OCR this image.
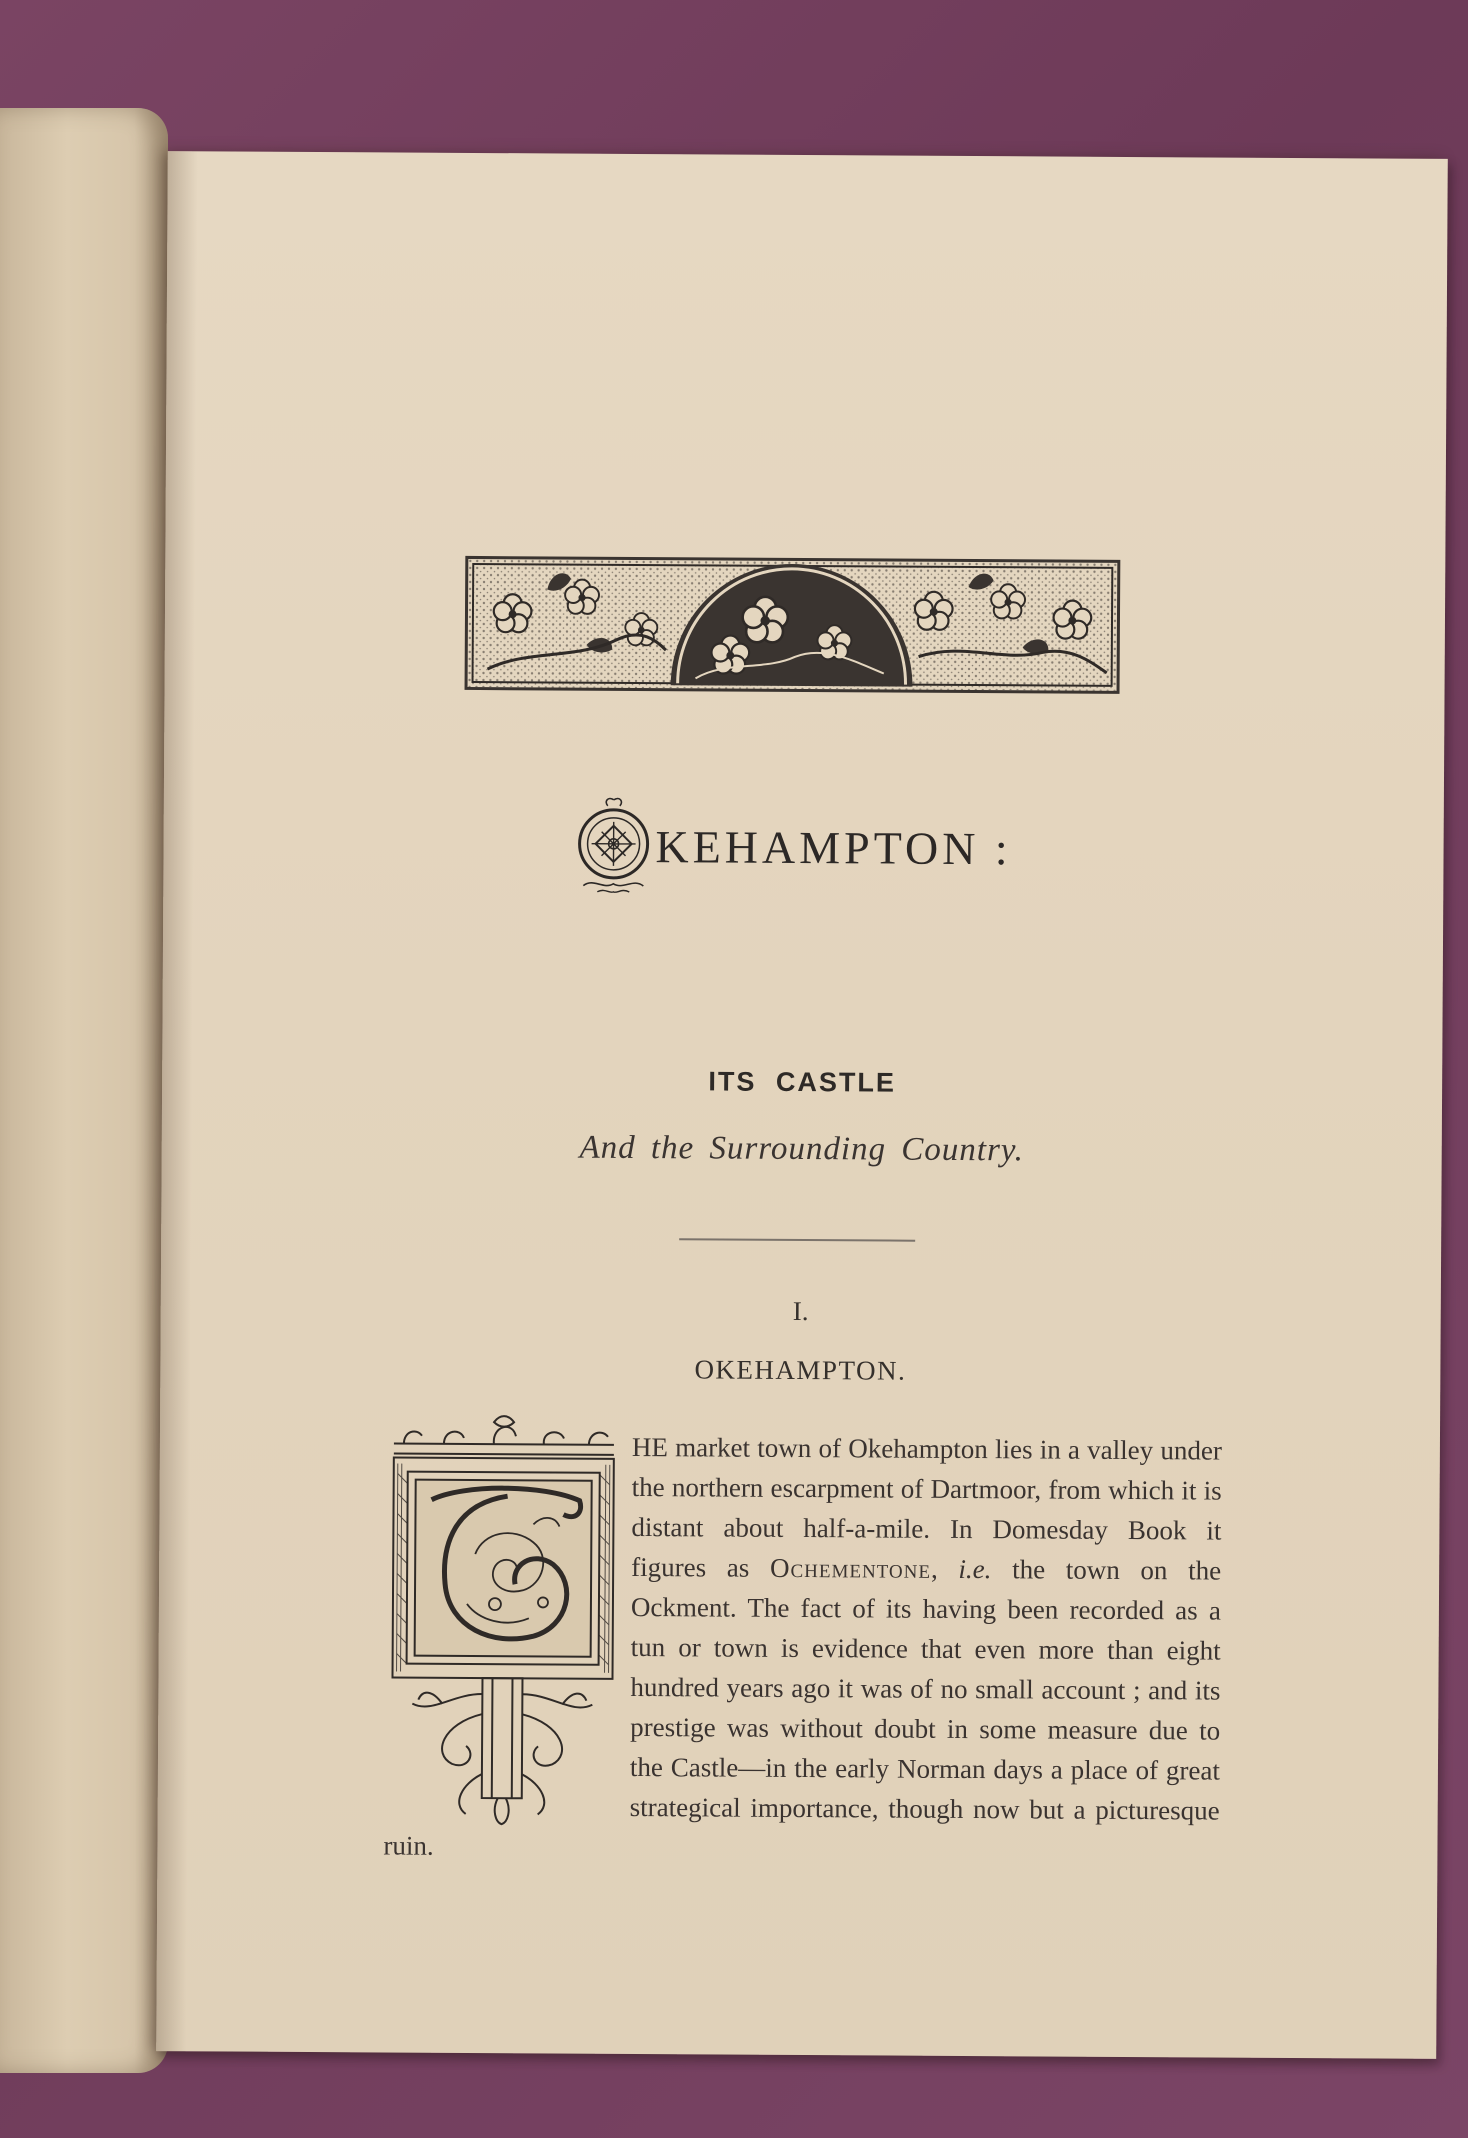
KEHAMPTON :
ITS CASTLE
And the Surrounding Country.
I.
OKEHAMPTON.
HE market town of Okehampton lies in a valley under the northern escarpment of Dartmoor, from which it is distant about half-a-mile. In Domesday Book it figures as Ochementone, i.e. the town on the Ockment. The fact of its having been recorded as a tun or town is evidence that even more than eight hundred years ago it was of no small account ; and its prestige was without doubt in some measure due to the Castle—in the early Norman days a place of great strategical importance, though now but a picturesque ruin.
